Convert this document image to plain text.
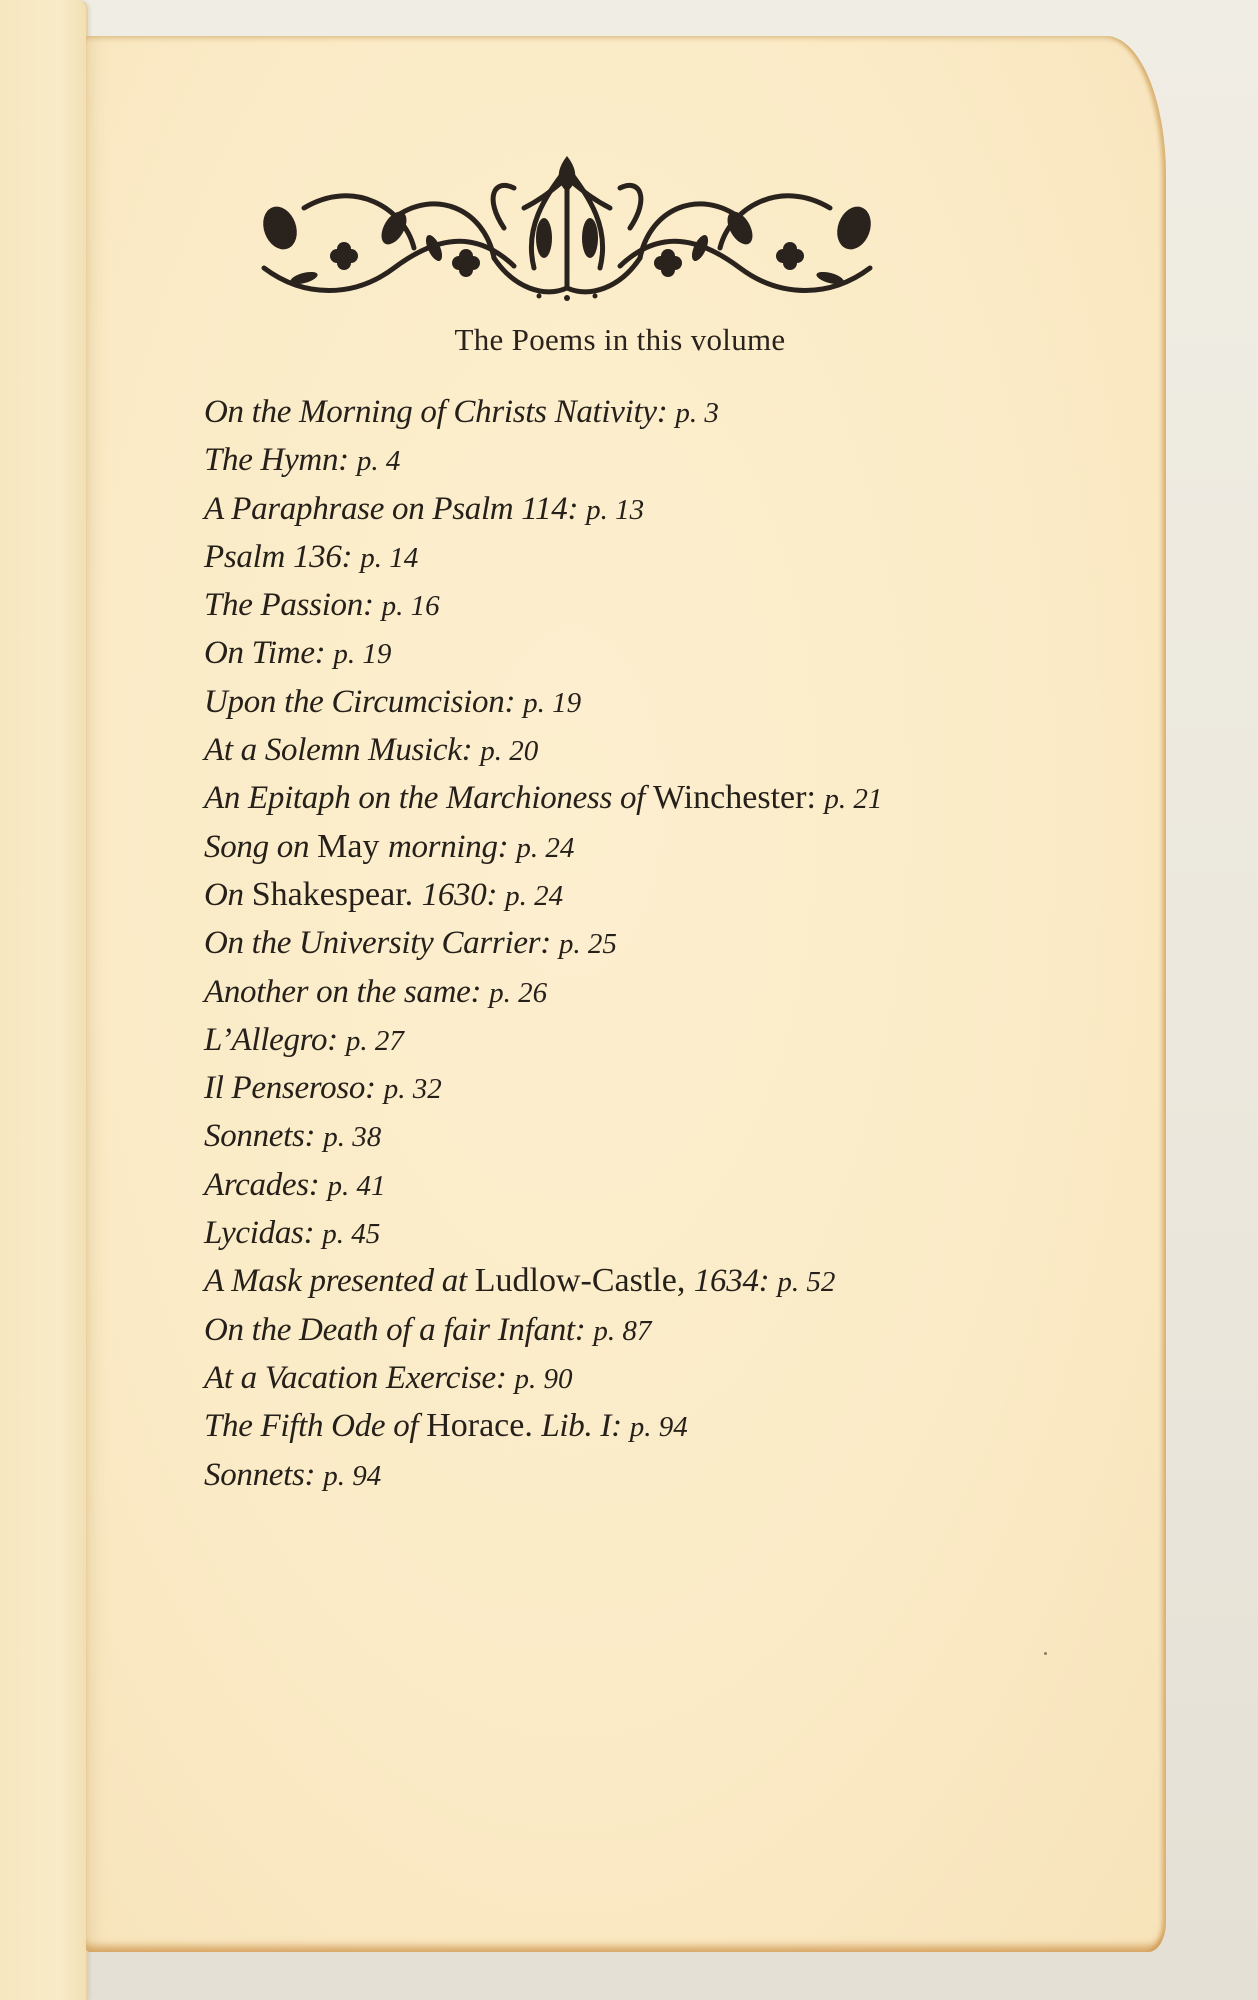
The Poems in this volume
On the Morning of Christs Nativity: p. 3
The Hymn: p. 4
A Paraphrase on Psalm 114: p. 13
Psalm 136: p. 14
The Passion: p. 16
On Time: p. 19
Upon the Circumcision: p. 19
At a Solemn Musick: p. 20
An Epitaph on the Marchioness of Winchester: p. 21
Song on May morning: p. 24
On Shakespear. 1630: p. 24
On the University Carrier: p. 25
Another on the same: p. 26
L’Allegro: p. 27
Il Penseroso: p. 32
Sonnets: p. 38
Arcades: p. 41
Lycidas: p. 45
A Mask presented at Ludlow-Castle, 1634: p. 52
On the Death of a fair Infant: p. 87
At a Vacation Exercise: p. 90
The Fifth Ode of Horace. Lib. I: p. 94
Sonnets: p. 94
